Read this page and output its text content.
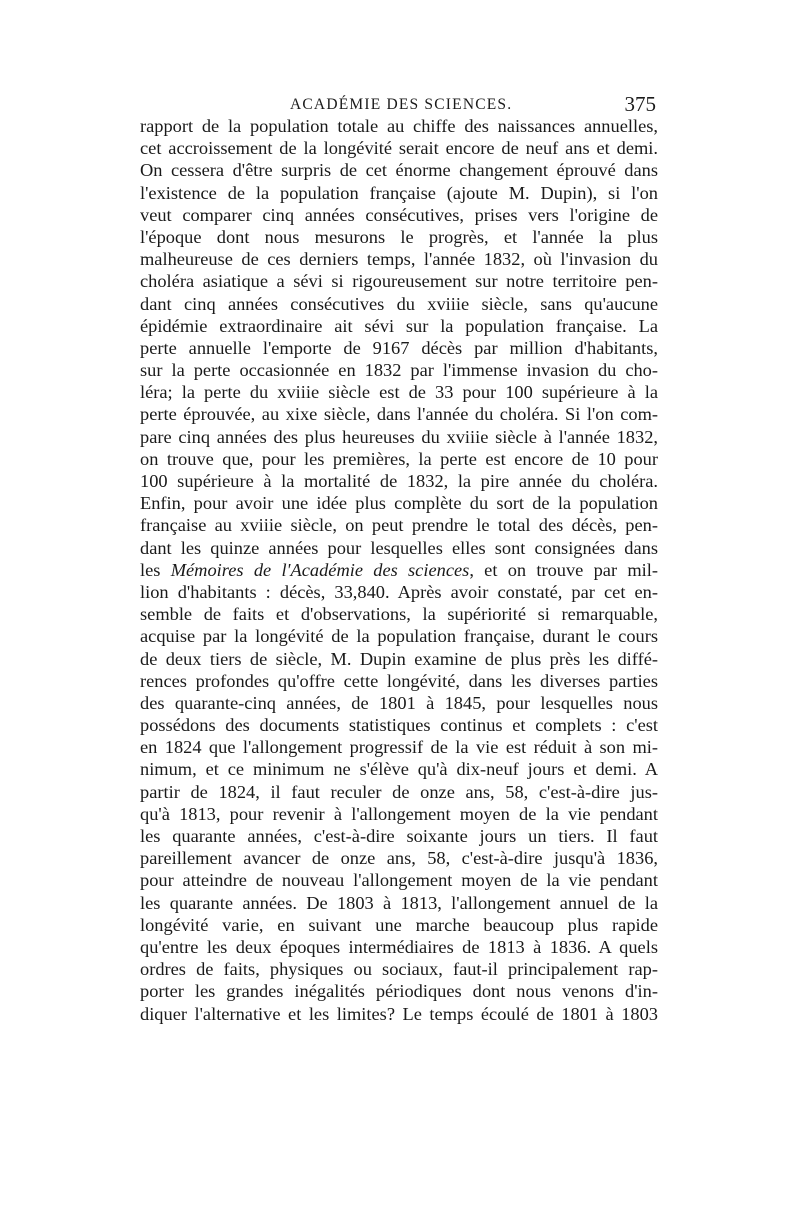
ACADÉMIE DES SCIENCES.	375
rapport de la population totale au chiffe des naissances annuelles,
cet accroissement de la longévité serait encore de neuf ans et demi.
On cessera d'être surpris de cet énorme changement éprouvé dans
l'existence de la population française (ajoute M. Dupin), si l'on
veut comparer cinq années consécutives, prises vers l'origine de
l'époque dont nous mesurons le progrès, et l'année la plus
malheureuse de ces derniers temps, l'année 1832, où l'invasion du
choléra asiatique a sévi si rigoureusement sur notre territoire pen-
dant cinq années consécutives du xviiie siècle, sans qu'aucune
épidémie extraordinaire ait sévi sur la population française. La
perte annuelle l'emporte de 9167 décès par million d'habitants,
sur la perte occasionnée en 1832 par l'immense invasion du cho-
léra; la perte du xviiie siècle est de 33 pour 100 supérieure à la
perte éprouvée, au xixe siècle, dans l'année du choléra. Si l'on com-
pare cinq années des plus heureuses du xviiie siècle à l'année 1832,
on trouve que, pour les premières, la perte est encore de 10 pour
100 supérieure à la mortalité de 1832, la pire année du choléra.
Enfin, pour avoir une idée plus complète du sort de la population
française au xviiie siècle, on peut prendre le total des décès, pen-
dant les quinze années pour lesquelles elles sont consignées dans
les Mémoires de l'Académie des sciences, et on trouve par mil-
lion d'habitants : décès, 33,840. Après avoir constaté, par cet en-
semble de faits et d'observations, la supériorité si remarquable,
acquise par la longévité de la population française, durant le cours
de deux tiers de siècle, M. Dupin examine de plus près les diffé-
rences profondes qu'offre cette longévité, dans les diverses parties
des quarante-cinq années, de 1801 à 1845, pour lesquelles nous
possédons des documents statistiques continus et complets : c'est
en 1824 que l'allongement progressif de la vie est réduit à son mi-
nimum, et ce minimum ne s'élève qu'à dix-neuf jours et demi. A
partir de 1824, il faut reculer de onze ans, 58, c'est-à-dire jus-
qu'à 1813, pour revenir à l'allongement moyen de la vie pendant
les quarante années, c'est-à-dire soixante jours un tiers. Il faut
pareillement avancer de onze ans, 58, c'est-à-dire jusqu'à 1836,
pour atteindre de nouveau l'allongement moyen de la vie pendant
les quarante années. De 1803 à 1813, l'allongement annuel de la
longévité varie, en suivant une marche beaucoup plus rapide
qu'entre les deux époques intermédiaires de 1813 à 1836. A quels
ordres de faits, physiques ou sociaux, faut-il principalement rap-
porter les grandes inégalités périodiques dont nous venons d'in-
diquer l'alternative et les limites? Le temps écoulé de 1801 à 1803
